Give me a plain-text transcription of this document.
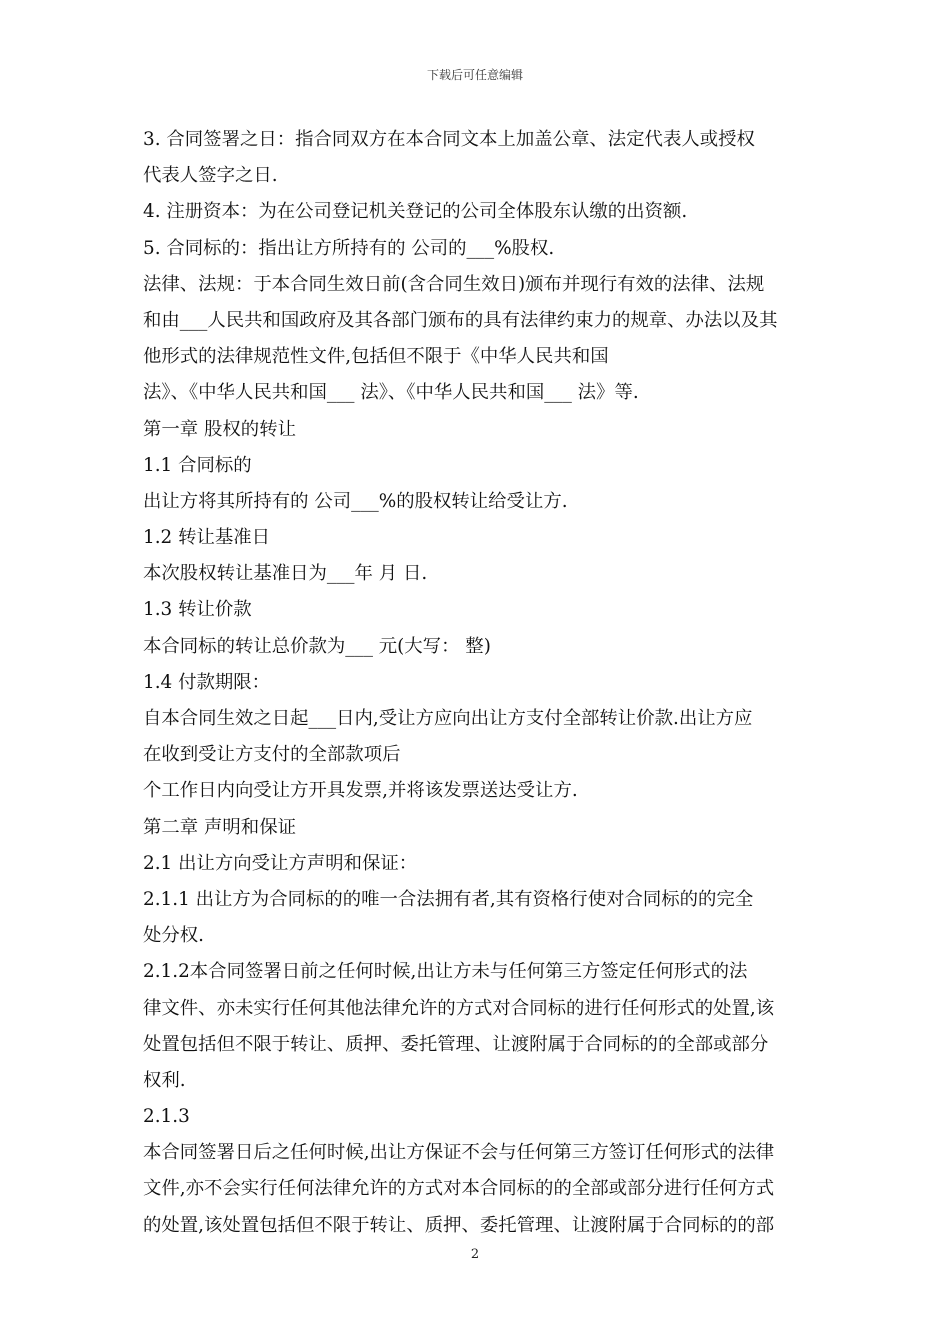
下载后可任意编辑
3. 合同签署之日：指合同双方在本合同文本上加盖公章、法定代表人或授权
代表人签字之日.
4. 注册资本：为在公司登记机关登记的公司全体股东认缴的出资额.
5. 合同标的：指出让方所持有的 公司的___%股权.
法律、法规：于本合同生效日前(含合同生效日)颁布并现行有效的法律、法规
和由___人民共和国政府及其各部门颁布的具有法律约束力的规章、办法以及其
他形式的法律规范性文件,包括但不限于《中华人民共和国
法》、《中华人民共和国___ 法》、《中华人民共和国___ 法》等.
第一章 股权的转让
1.1 合同标的
出让方将其所持有的 公司___%的股权转让给受让方.
1.2 转让基准日
本次股权转让基准日为___年 月 日.
1.3 转让价款
本合同标的转让总价款为___ 元(大写： 整)
1.4 付款期限：
自本合同生效之日起___日内,受让方应向出让方支付全部转让价款.出让方应
在收到受让方支付的全部款项后
个工作日内向受让方开具发票,并将该发票送达受让方.
第二章 声明和保证
2.1 出让方向受让方声明和保证：
2.1.1 出让方为合同标的的唯一合法拥有者,其有资格行使对合同标的的完全
处分权.
2.1.2本合同签署日前之任何时候,出让方未与任何第三方签定任何形式的法
律文件、亦未实行任何其他法律允许的方式对合同标的进行任何形式的处置,该
处置包括但不限于转让、质押、委托管理、让渡附属于合同标的的全部或部分
权利.
2.1.3
本合同签署日后之任何时候,出让方保证不会与任何第三方签订任何形式的法律
文件,亦不会实行任何法律允许的方式对本合同标的的全部或部分进行任何方式
的处置,该处置包括但不限于转让、质押、委托管理、让渡附属于合同标的的部
2
